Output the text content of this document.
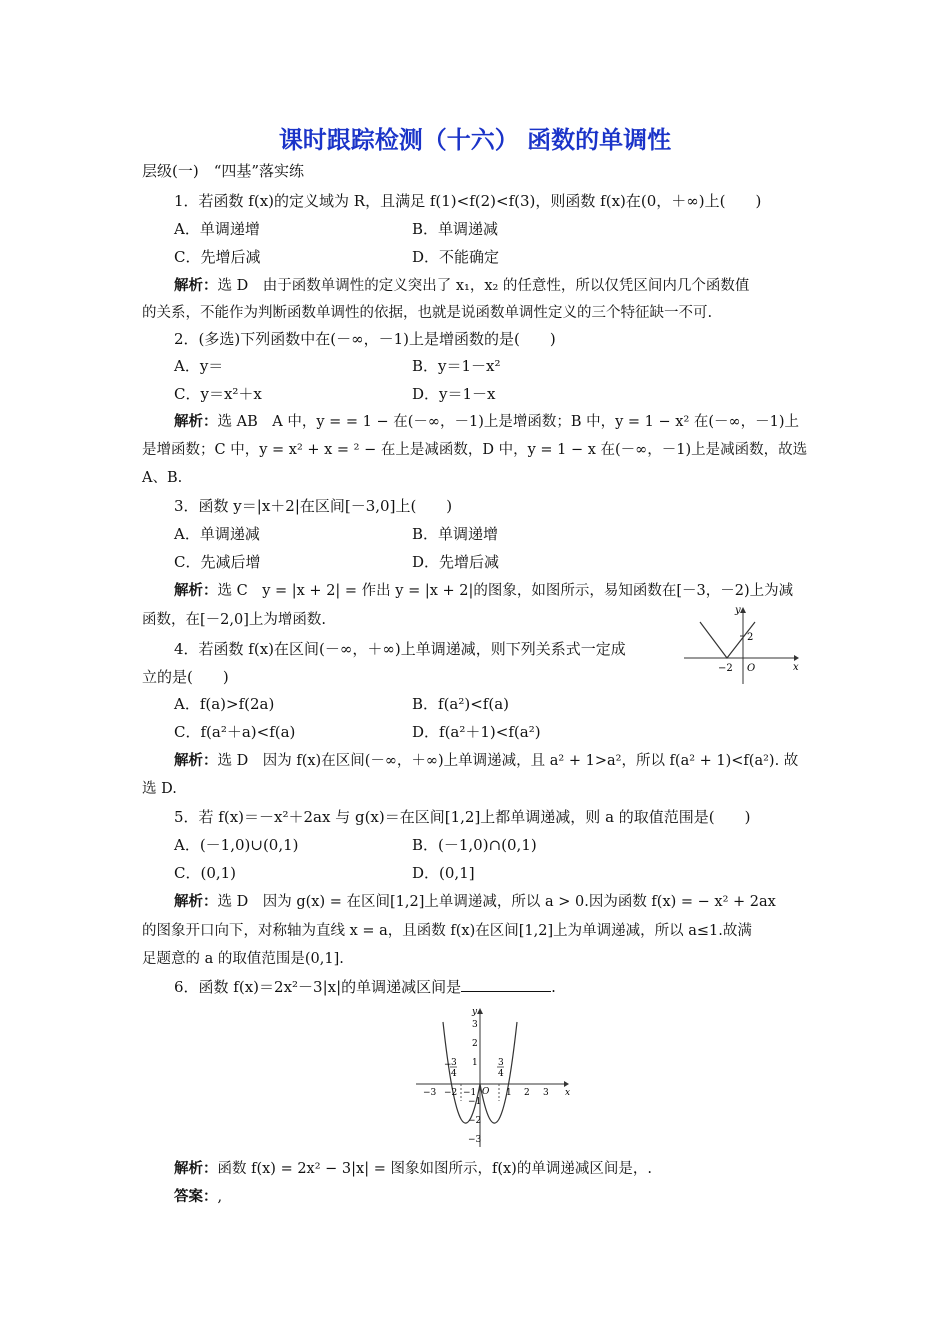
课时跟踪检测（十六） 函数的单调性
层级(一)　“四基”落实练
1．若函数 f(x)的定义域为 R，且满足 f(1)<f(2)<f(3)，则函数 f(x)在(0，＋∞)上(　　)
A．单调递增	B．单调递减
C．先增后减	D．不能确定
解析：选 D　由于函数单调性的定义突出了 x₁，x₂ 的任意性，所以仅凭区间内几个函数值
的关系，不能作为判断函数单调性的依据，也就是说函数单调性定义的三个特征缺一不可.
2．(多选)下列函数中在(－∞，－1)上是增函数的是(　　)
A．y＝	B．y＝1－x²
C．y＝x²＋x	D．y＝1－x
解析：选 AB　A 中，y = = 1 − 在(－∞，－1)上是增函数；B 中，y = 1 − x² 在(－∞，－1)上
是增函数；C 中，y = x² + x = ² − 在上是减函数，D 中，y = 1 − x 在(－∞，－1)上是减函数，故选
A、B.
3．函数 y＝|x＋2|在区间[－3,0]上(　　)
A．单调递减	B．单调递增
C．先减后增	D．先增后减
解析：选 C　y = |x + 2| = 作出 y = |x + 2|的图象，如图所示，易知函数在[－3，－2)上为减
函数，在[－2,0]上为增函数.
x
y
O
−2
2
4．若函数 f(x)在区间(－∞，＋∞)上单调递减，则下列关系式一定成
立的是(　　)
A．f(a)>f(2a)	B．f(a²)<f(a)
C．f(a²＋a)<f(a)	D．f(a²＋1)<f(a²)
解析：选 D　因为 f(x)在区间(－∞，＋∞)上单调递减，且 a² + 1>a²，所以 f(a² + 1)<f(a²). 故
选 D.
5．若 f(x)＝－x²＋2ax 与 g(x)＝在区间[1,2]上都单调递减，则 a 的取值范围是(　　)
A．(－1,0)∪(0,1)	B．(－1,0)∩(0,1)
C．(0,1)	D．(0,1]
解析：选 D　因为 g(x) = 在区间[1,2]上单调递减，所以 a > 0.因为函数 f(x) = − x² + 2ax
的图象开口向下，对称轴为直线 x = a，且函数 f(x)在区间[1,2]上为单调递减，所以 a≤1.故满
足题意的 a 的取值范围是(0,1].
6．函数 f(x)＝2x²－3|x|的单调递减区间是	.
x
y
O
−3 −2 −1	1 2 3
3
2
1
−1
−2
−3
− 3
4
3
4
解析：函数 f(x) = 2x² − 3|x| = 图象如图所示，f(x)的单调递减区间是，.
答案：,
